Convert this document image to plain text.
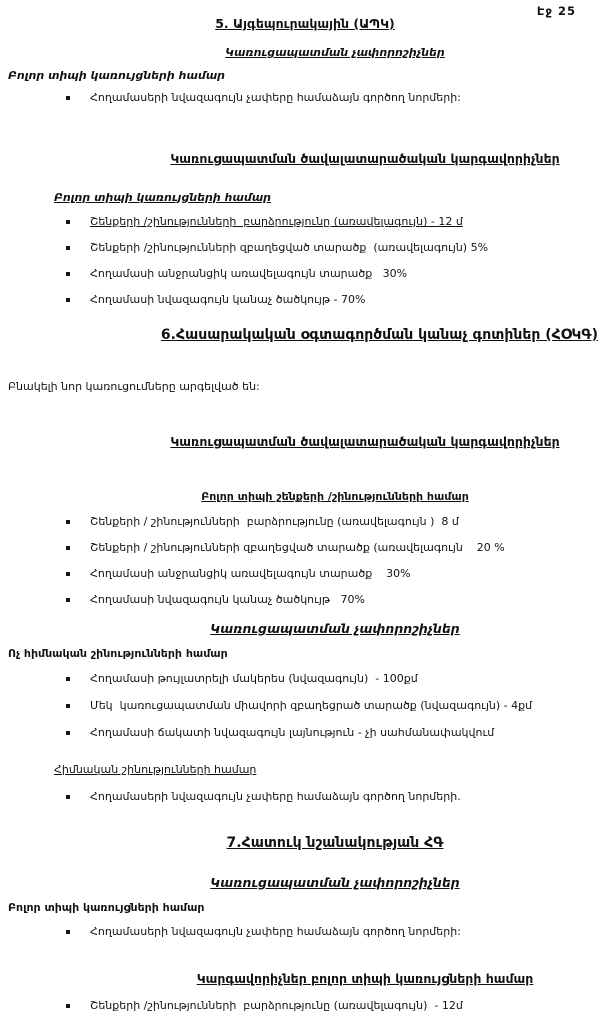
Էջ 25
5. Այգեպուրակային (ԱՊԿ)
Կառուցապատման չափորոշիչներ
Բոլոր տիպի կառույցների համար
Հողամասերի նվազագույն չափերը համաձայն գործող նորմերի:
Կառուցապատման ծավալատարածական կարգավորիչներ
Բոլոր տիպի կառույցների համար
Շենքերի /շինությունների  բարձրությունը (առավելագույն) - 12 մ
Շենքերի /շինությունների զբաղեցված տարածք  (առավելագույն) 5%
Հողամասի անջրանցիկ առավելագույն տարածք   30%
Հողամասի նվազագույն կանաչ ծածկույթ - 70%
6.Հասարակական օգտագործման կանաչ գոտիներ (ՀՕԿԳ)
Բնակելի նոր կառուցումները արգելված են:
Կառուցապատման ծավալատարածական կարգավորիչներ
Բոլոր տիպի շենքերի /շինությունների համար
Շենքերի / շինությունների  բարձրությունը (առավելագույն )  8 մ
Շենքերի / շինությունների զբաղեցված տարածք (առավելագույն    20 %
Հողամասի անջրանցիկ առավելագույն տարածք    30%
Հողամասի նվազագույն կանաչ ծածկույթ   70%
Կառուցապատման չափորոշիչներ
Ոչ հիմնական շինությունների համար
Հողամասի թույլատրելի մակերես (նվազագույն)  - 100քմ
Մեկ  կառուցապատման միավորի զբաղեցրած տարածք (նվազագույն) - 4քմ
Հողամասի ճակատի նվազագույն լայնություն - չի սահմանափակվում
Հիմնական շինությունների համար
Հողամասերի նվազագույն չափերը համաձայն գործող նորմերի.
7.Հատուկ նշանակության ՀԳ
Կառուցապատման չափորոշիչներ
Բոլոր տիպի կառույցների համար
Հողամասերի նվազագույն չափերը համաձայն գործող նորմերի:
Կարգավորիչներ բոլոր տիպի կառույցների համար
Շենքերի /շինությունների  բարձրությունը (առավելագույն)  - 12մ
